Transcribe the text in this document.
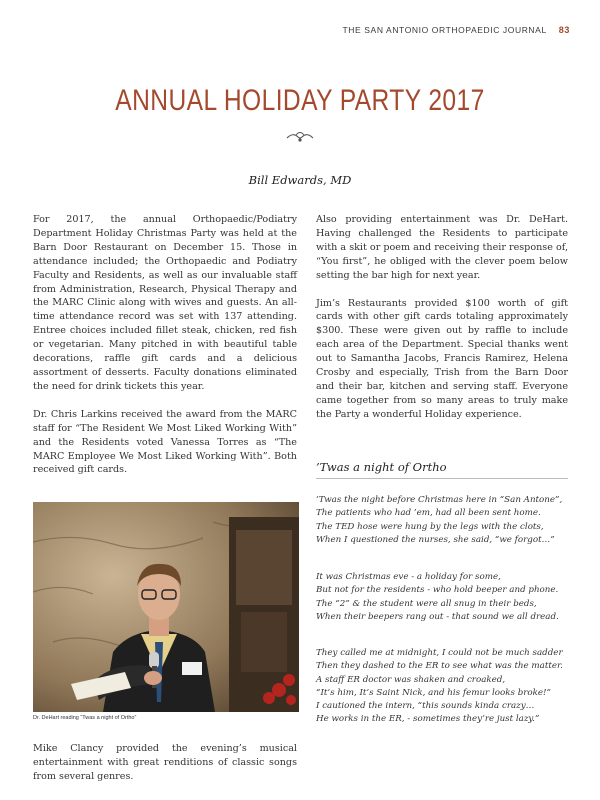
THE SAN ANTONIO ORTHOPAEDIC JOURNAL 83
ANNUAL HOLIDAY PARTY 2017
Bill Edwards, MD

For 2017, the annual Orthopaedic/Podiatry Department Holiday Christmas Party was held at the Barn Door Restaurant on December 15. Those in attendance included; the Orthopaedic and Podiatry Faculty and Residents, as well as our invaluable staff from Administration, Research, Physical Therapy and the MARC Clinic along with wives and guests. An all-time attendance record was set with 137 attending. Entree choices included fillet steak, chicken, red fish or vegetarian. Many pitched in with beautiful table decorations, raffle gift cards and a delicious assortment of desserts. Faculty donations eliminated the need for drink tickets this year.

Dr. Chris Larkins received the award from the MARC staff for “The Resident We Most Liked Working With” and the Residents voted Vanessa Torres as “The MARC Employee We Most Liked Working With”. Both received gift cards.

Dr. DeHart reading “Twas a night of Ortho”

Mike Clancy provided the evening’s musical entertainment with great renditions of classic songs from several genres.

Also providing entertainment was Dr. DeHart. Having challenged the Residents to participate with a skit or poem and receiving their response of, “You first”, he obliged with the clever poem below setting the bar high for next year.

Jim’s Restaurants provided $100 worth of gift cards with other gift cards totaling approximately $300. These were given out by raffle to include each area of the Department. Special thanks went out to Samantha Jacobs, Francis Ramirez, Helena Crosby and especially, Trish from the Barn Door and their bar, kitchen and serving staff. Everyone came together from so many areas to truly make the Party a wonderful Holiday experience.

’Twas a night of Ortho
’Twas the night before Christmas here in “San Antone”,
The patients who had ’em, had all been sent home.
The TED hose were hung by the legs with the clots,
When I questioned the nurses, she said, “we forgot…”
It was Christmas eve - a holiday for some,
But not for the residents - who hold beeper and phone.
The “2” & the student were all snug in their beds,
When their beepers rang out - that sound we all dread.
They called me at midnight, I could not be much sadder
Then they dashed to the ER to see what was the matter.
A staff ER doctor was shaken and croaked,
“It’s him, It’s Saint Nick, and his femur looks broke!”
I cautioned the intern, “this sounds kinda crazy…
He works in the ER, - sometimes they’re just lazy.”
